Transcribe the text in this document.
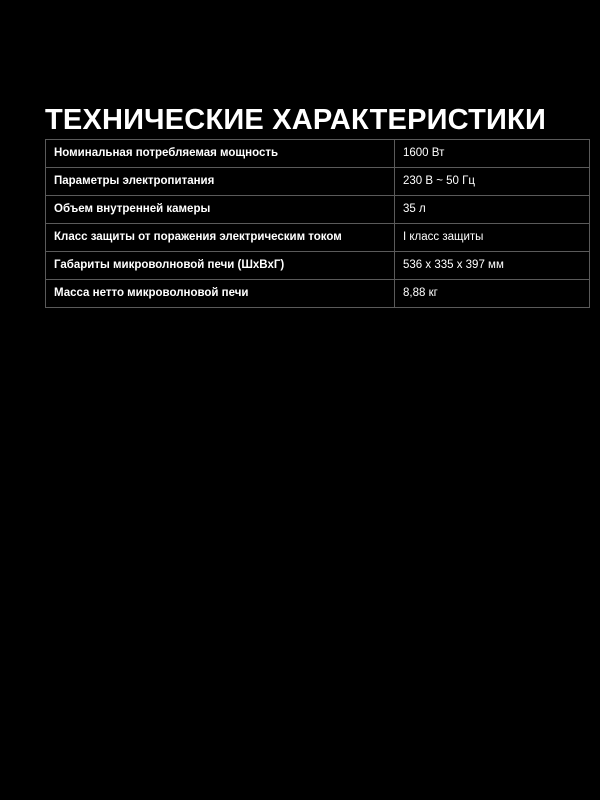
ТЕХНИЧЕСКИЕ ХАРАКТЕРИСТИКИ
Номинальная потребляемая мощность	1600 Вт
Параметры электропитания	230 В ~ 50 Гц
Объем внутренней камеры	35 л
Класс защиты от поражения электрическим током	I класс защиты
Габариты микроволновой печи (ШхВхГ)	536 x 335 x 397 мм
Масса нетто микроволновой печи	8,88 кг
